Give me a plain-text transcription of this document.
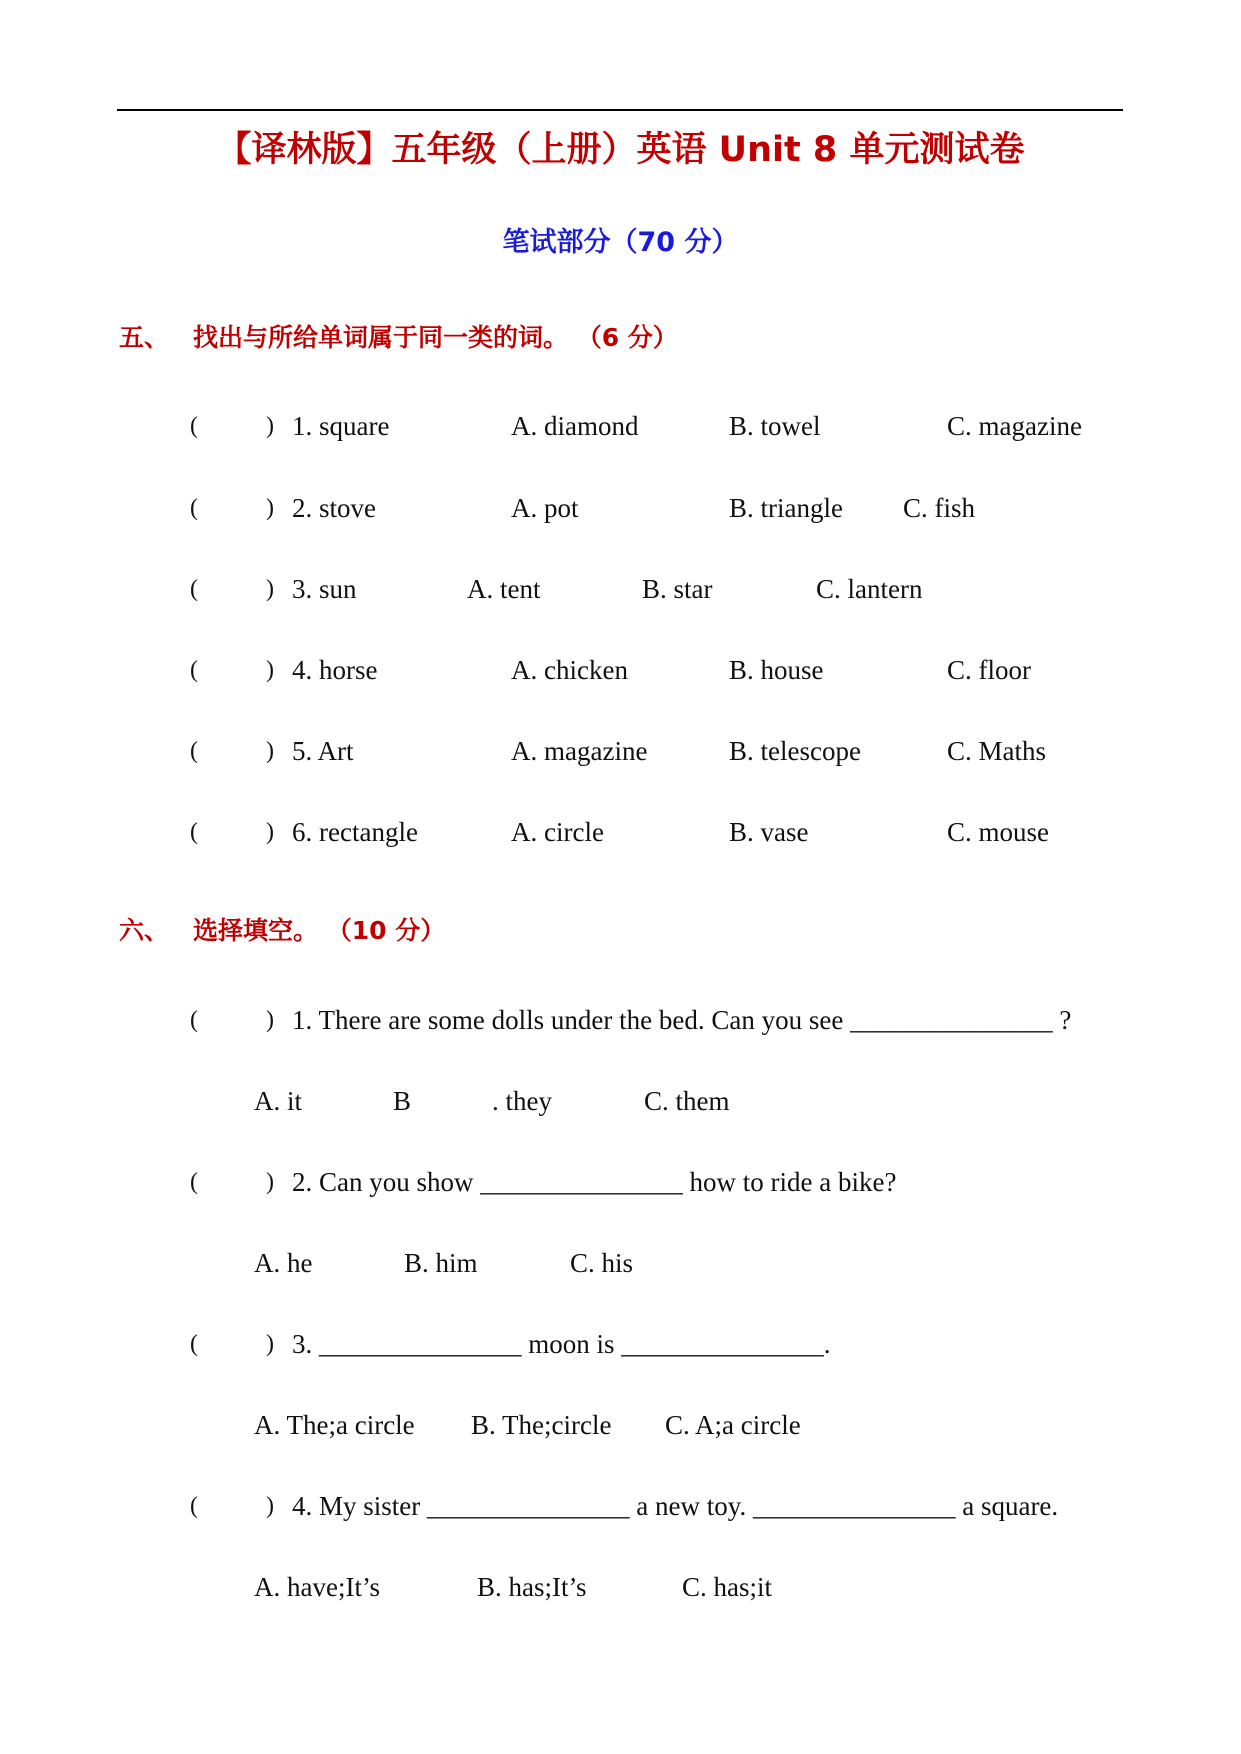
【译林版】五年级（上册）英语 Unit 8 单元测试卷
笔试部分（70 分）
五、 找出与所给单词属于同一类的词。 （6 分）
(	) 1. square	A. diamond	B. towel	C. magazine
(	) 2. stove	A. pot	B. triangle C. fish
(	) 3. sun	A. tent	B. star	C. lantern
(	) 4. horse	A. chicken	B. house	C. floor
(	) 5. Art	A. magazine	B. telescope	C. Maths
(	) 6. rectangle	A. circle	B. vase	C. mouse
六、 选择填空。 （10 分）
(	) 1. There are some dolls under the bed. Can you see _______________ ?
A. it	B	. they	C. them
(	) 2. Can you show _______________ how to ride a bike?
A. he	B. him	C. his
(	) 3. _______________ moon is _______________.
A. The;a circle B. The;circle C. A;a circle
(	) 4. My sister _______________ a new toy. _______________ a square.
A. have;It’s	B. has;It’s	C. has;it
